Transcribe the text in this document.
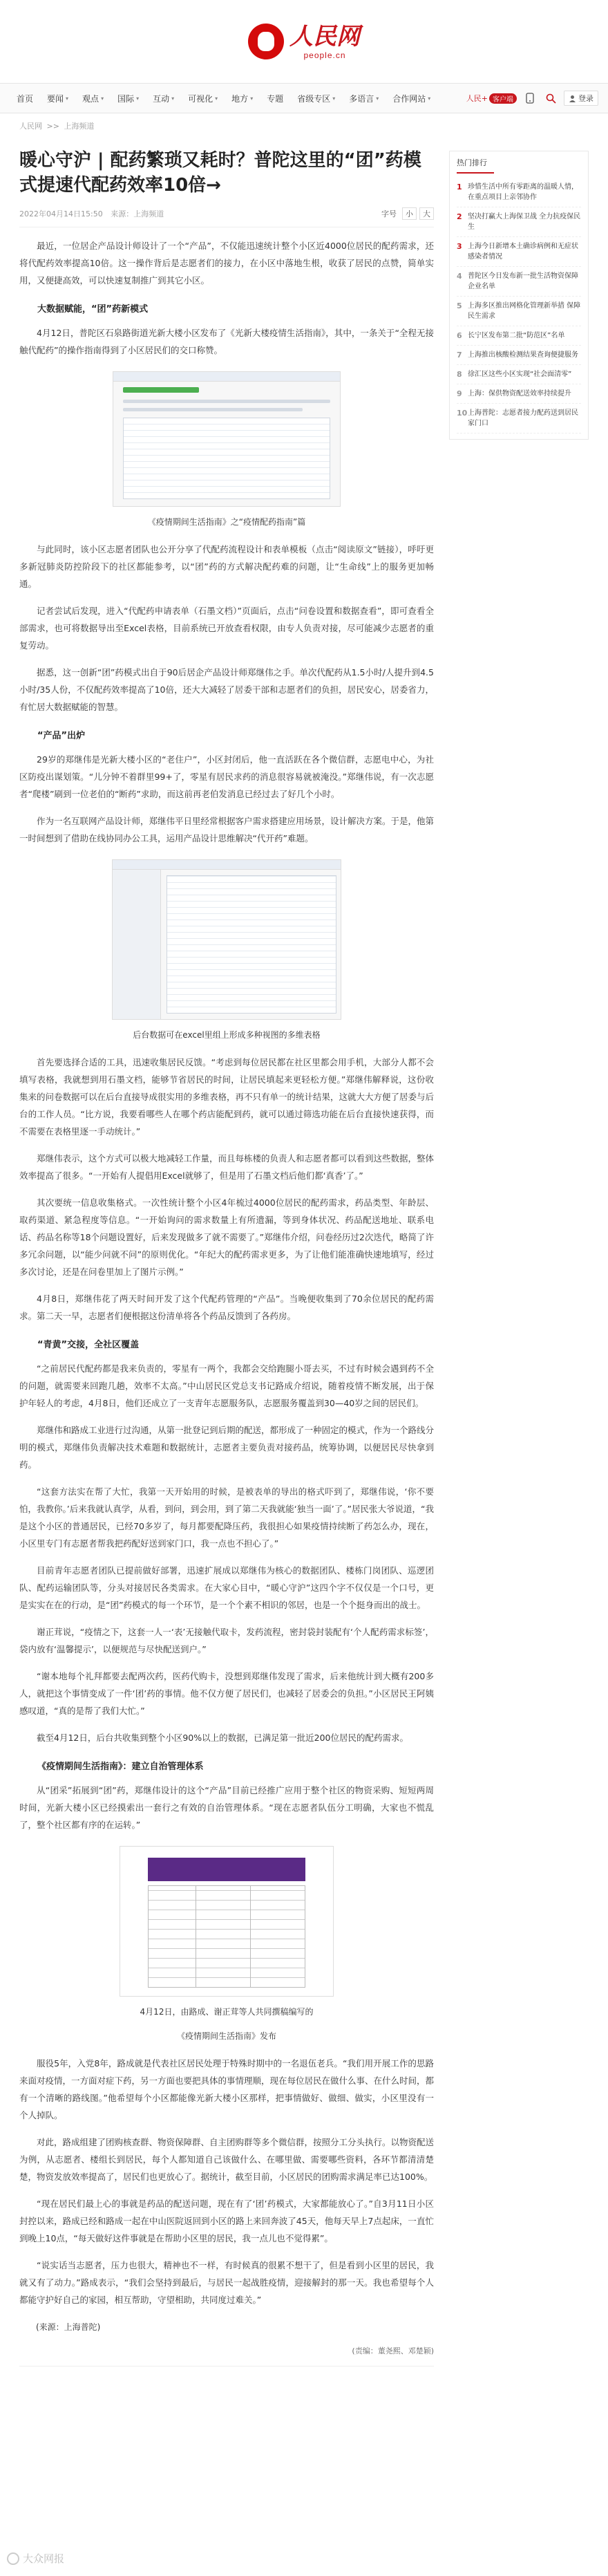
人民网
people.cn
首页 要闻 ▾ 观点 ▾ 国际 ▾ 互动 ▾ 可视化 ▾ 地方 ▾ 专题 省级专区 ▾ 多语言 ▾ 合作网站 ▾	人民+ 客户端	登录
人民网 >> 上海频道
暖心守沪 | 配药繁琐又耗时？普陀这里的“团”药模式提速代配药效率10倍→
2022年04月14日15:50 来源：上海频道	字号	小	大

最近，一位居企产品设计师设计了一个“产品”，不仅能迅速统计整个小区近4000位居民的配药需求，还将代配药效率提高10倍。这一操作背后是志愿者们的接力，在小区中落地生根，收获了居民的点赞，简单实用，又便捷高效，可以快速复制推广到其它小区。

大数据赋能，“团”药新模式

4月12日，普陀区石泉路街道光新大楼小区发布了《光新大楼疫情生活指南》，其中，一条关于“全程无接触代配药”的操作指南得到了小区居民们的交口称赞。

《疫情期间生活指南》之“疫情配药指南”篇

与此同时，该小区志愿者团队也公开分享了代配药流程设计和表单模板（点击“阅读原文”链接），呼吁更多新冠肺炎防控阶段下的社区都能参考，以“团”药的方式解决配药难的问题，让“生命线”上的服务更加畅通。

记者尝试后发现，进入“代配药申请表单（石墨文档）”页面后，点击“问卷设置和数据查看”，即可查看全部需求，也可将数据导出至Excel表格，目前系统已开放查看权限，由专人负责对接，尽可能减少志愿者的重复劳动。

据悉，这一创新“团”药模式出自于90后居企产品设计师郑继伟之手。单次代配药从1.5小时/人提升到4.5小时/35人份，不仅配药效率提高了10倍，还大大减轻了居委干部和志愿者们的负担，居民安心，居委省力，有忙居大数据赋能的智慧。

“产品”出炉

29岁的郑继伟是光新大楼小区的“老住户”，小区封闭后，他一直活跃在各个微信群，志愿电中心，为社区防疫出谋划策。“儿分钟不着群里99+了，零星有居民求药的消息很容易就被淹没。”郑继伟说，有一次志愿者“爬楼”刷到一位老伯的“断药”求助，而这前再老伯发消息已经过去了好几个小时。

作为一名互联网产品设计师，郑继伟平日里经常根据客户需求搭建应用场景，设计解决方案。于是，他第一时间想到了借助在线协同办公工具，运用产品设计思维解决“代开药”难题。

后台数据可在excel里组上形成多种视图的多维表格

首先要选择合适的工具，迅速收集居民反馈。“考虑到每位居民都在社区里都会用手机，大部分人都不会填写表格，我就想到用石墨文档，能够节省居民的时间，让居民填起来更轻松方便。”郑继伟解释说，这份收集来的问卷数据可以在后台直接导成很实用的多维表格，再不只有单一的统计结果，这就大大方便了居委与后台的工作人员。“比方说，我要看哪些人在哪个药店能配到药，就可以通过筛选功能在后台直接快速获得，而不需要在表格里逐一手动统计。”

郑继伟表示，这个方式可以极大地减轻工作量，而且每栋楼的负责人和志愿者都可以看到这些数据，整体效率提高了很多。“一开始有人提倡用Excel就够了，但是用了石墨文档后他们都‘真香’了。”

其次要统一信息收集格式。一次性统计整个小区4年梳过4000位居民的配药需求，药品类型、年龄层、取药渠道、紧急程度等信息。“一开始询问的需求数量上有所遗漏，等到身体状况、药品配送地址、联系电话、药品名称等18个问题设置好，后来发现做多了就不需要了。”郑继伟介绍，问卷经历过2次迭代，略简了许多冗余问题，以“能少问就不问”的原则优化。“年纪大的配药需求更多，为了让他们能准确快速地填写，经过多次讨论，还是在问卷里加上了图片示例。”

4月8日，郑继伟花了两天时间开发了这个代配药管理的“产品”。当晚便收集到了70余位居民的配药需求。第二天一早，志愿者们便根据这份清单将各个药品反馈到了各药房。

“青黄”交接，全社区覆盖

“之前居民代配药都是我来负责的，零星有一两个，我都会交给跑腿小哥去买，不过有时候会遇到药不全的问题，就需要来回跑几趟，效率不太高。”中山居民区党总支书记路成介绍说，随着疫情不断发展，出于保护年轻人的考虑，4月8日，他们还成立了一支青年志愿服务队，志愿服务覆盖到30—40岁之间的居民们。

郑继伟和路成工业进行过沟通，从第一批登记到后期的配送，都形成了一种固定的模式，作为一个路线分明的模式，郑继伟负责解决技术难题和数据统计，志愿者主要负责对接药品，统筹协调，以便居民尽快拿到药。

“这套方法实在帮了大忙，我第一天开始用的时候，是被表单的导出的格式吓到了，郑继伟说，‘你不要怕，我教你。’后来我就认真学，从看，到问，到会用，到了第二天我就能‘独当一面’了。”居民张大爷说道，“我是这个小区的普通居民，已经70多岁了，每月都要配降压药，我很担心如果疫情持续断了药怎么办，现在，小区里专门有志愿者帮我把药配好送到家门口，我一点也不担心了。”

目前青年志愿者团队已提前做好部署，迅速扩展成以郑继伟为核心的数据团队、楼栋门岗团队、巡逻团队、配药运输团队等，分头对接居民各类需求。在大家心目中，“暖心守沪”这四个字不仅仅是一个口号，更是实实在在的行动，是“团”药模式的每一个环节，是一个个素不相识的邻居，也是一个个挺身而出的战士。

谢正茸说，“疫情之下，这套一人一‘表’无接触代取卡，发药流程，密封袋封装配有‘个人配药需求标签’，袋内放有‘温馨提示’，以便规范与尽快配送到户。”

“谢本地每个礼拜都要去配两次药，医药代购卡，没想到郑继伟发现了需求，后来他统计到大概有200多人，就把这个事情变成了一件‘团’药的事情。他不仅方便了居民们，也减轻了居委会的负担。”小区居民王阿姨感叹道，“真的是帮了我们大忙。”

截至4月12日，后台共收集到整个小区90%以上的数据，已满足第一批近200位居民的配药需求。

《疫情期间生活指南》：建立自治管理体系

从“团采”拓展到“团”药，郑继伟设计的这个“产品”目前已经推广应用于整个社区的物资采购、短短两周时间，光新大楼小区已经摸索出一套行之有效的自治管理体系。“现在志愿者队伍分工明确，大家也不慌乱了，整个社区都有序的在运转。”

4月12日，由路成、谢正茸等人共同撰稿编写的

《疫情期间生活指南》发布

服役5年，入党8年，路成就是代表社区居民处理于特殊时期中的一名退伍老兵。“我们用开展工作的思路来面对疫情，一方面对症下药，另一方面也要把具体的事情理顺，现在每位居民在做什么事、在什么时间，都有一个清晰的路线图。”他希望每个小区都能像光新大楼小区那样，把事情做好、做细、做实，小区里没有一个人掉队。

对此，路成组建了团购核查群、物资保障群、自主团购群等多个微信群，按照分工分头执行。以物资配送为例，从志愿者、楼组长到居民，每个人都知道自己该做什么、在哪里做、需要哪些资料，各环节都清清楚楚，物资发放效率提高了，居民们也更放心了。据统计，截至目前，小区居民的团购需求满足率已达100%。

“现在居民们最上心的事就是药品的配送问题，现在有了‘团’药模式，大家都能放心了。”自3月11日小区封控以来，路成已经和路成一起在中山医院返回到小区的路上来回奔波了45天，他每天早上7点起床，一直忙到晚上10点，“每天做好这件事就是在帮助小区里的居民，我一点儿也不觉得累”。

“说实话当志愿者，压力也很大，精神也不一样，有时候真的很累不想干了，但是看到小区里的居民，我就又有了动力。”路成表示，“我们会坚持到最后，与居民一起战胜疫情，迎接解封的那一天。我也希望每个人都能守护好自己的家园，相互帮助，守望相助，共同度过难关。”

(来源：上海普陀)

(责编：董尧熙、邓楚颖)
热门排行
1 珍惜生活中所有零距离的温暖人情，在重点项目上亲邻协作
2 坚决打赢大上海保卫战 全力抗疫保民生
3 上海今日新增本土确诊病例和无症状感染者情况
4 普陀区今日发布新一批生活物资保障企业名单
5 上海多区推出网格化管理新举措 保障民生需求
6 长宁区发布第二批“防范区”名单
7 上海推出核酸检测结果查询便捷服务
8 徐汇区这些小区实现“社会面清零”
9 上海：保供物资配送效率持续提升
10 上海普陀：志愿者接力配药送到居民家门口
大众网报
